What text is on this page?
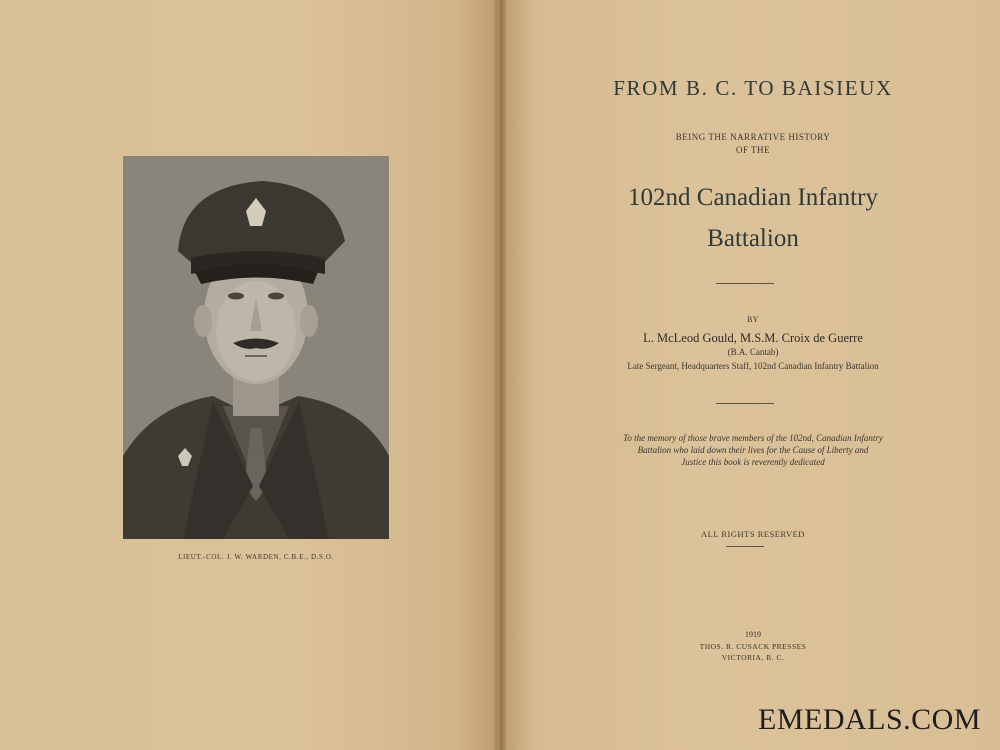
LIEUT.-COL. J. W. WARDEN, C.B.E., D.S.O.
FROM B. C. TO BAISIEUX
BEING THE NARRATIVE HISTORY
OF THE
102nd Canadian Infantry
Battalion
BY
L. McLeod Gould, M.S.M. Croix de Guerre
(B.A. Cantab)
Late Sergeant, Headquarters Staff, 102nd Canadian Infantry Battalion
To the memory of those brave members of the 102nd, Canadian Infantry
Battalion who laid down their lives for the Cause of Liberty and
Justice this book is reverently dedicated
ALL RIGHTS RESERVED
1919
THOS. R. CUSACK PRESSES
VICTORIA, B. C.
EMEDALS.COM
